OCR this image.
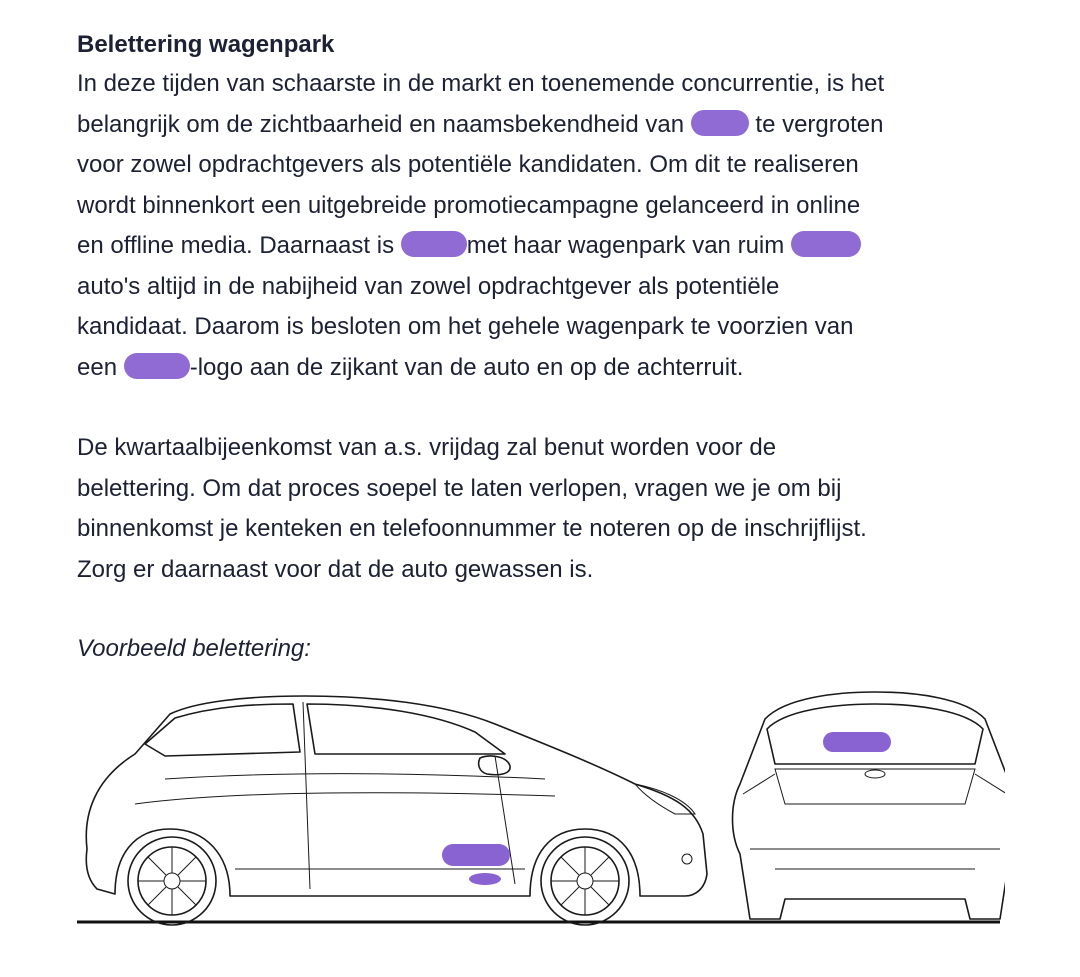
Belettering wagenpark

In deze tijden van schaarste in de markt en toenemende concurrentie, is het
belangrijk om de zichtbaarheid en naamsbekendheid van  te vergroten
voor zowel opdrachtgevers als potentiële kandidaten. Om dit te realiseren
wordt binnenkort een uitgebreide promotiecampagne gelanceerd in online
en offline media. Daarnaast is	met haar wagenpark van ruim
auto's altijd in de nabijheid van zowel opdrachtgever als potentiële
kandidaat. Daarom is besloten om het gehele wagenpark te voorzien van
een	-logo aan de zijkant van de auto en op de achterruit.

De kwartaalbijeenkomst van a.s. vrijdag zal benut worden voor de
belettering. Om dat proces soepel te laten verlopen, vragen we je om bij
binnenkomst je kenteken en telefoonnummer te noteren op de inschrijflijst.
Zorg er daarnaast voor dat de auto gewassen is.

Voorbeeld belettering:
